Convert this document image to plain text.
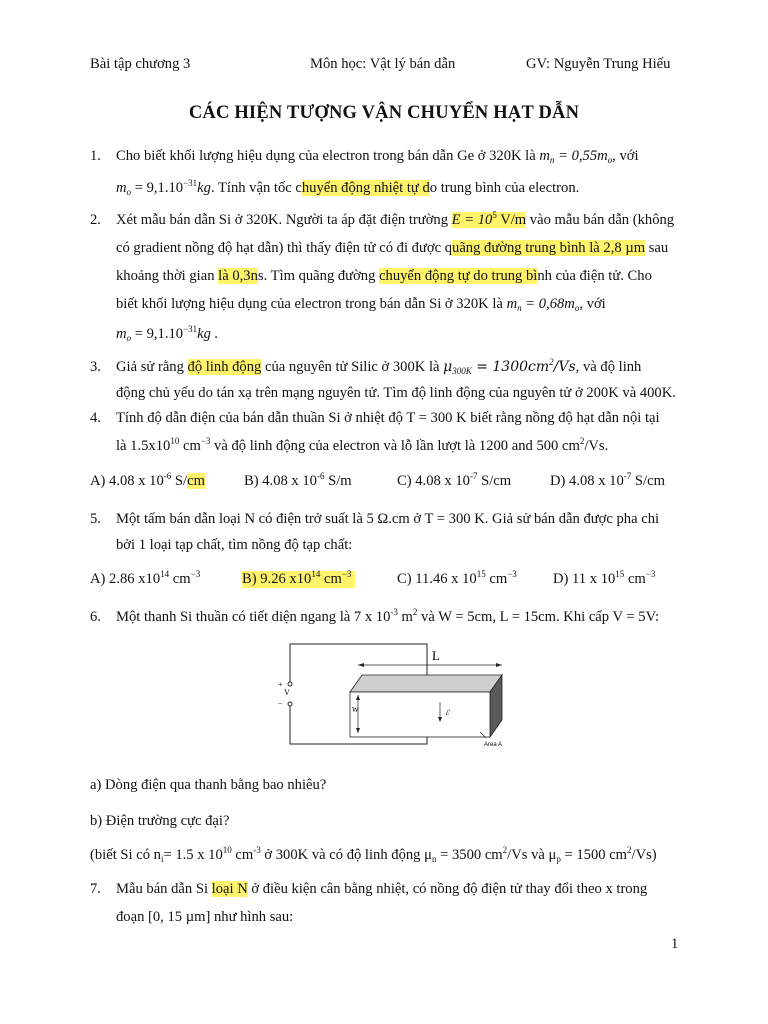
Bài tập chương 3	Môn học: Vật lý bán dẫn	GV: Nguyễn Trung Hiếu
CÁC HIỆN TƯỢNG VẬN CHUYỂN HẠT DẪN
1. Cho biết khối lượng hiệu dụng của electron trong bán dẫn Ge ở 320K là $m_n = 0,55m_o$, với
$m_o = 9,1.10^{-31}kg$. Tính vận tốc chuyển động nhiệt tự do trung bình của electron.
2. Xét mẫu bán dẫn Si ở 320K. Người ta áp đặt điện trường $E = 10^5$ V/m vào mẫu bán dẫn (không
có gradient nồng độ hạt dẫn) thì thấy điện tử có đi được quãng đường trung bình là 2,8 µm sau
khoảng thời gian là 0,3ns. Tìm quãng đường chuyển động tự do trung bình của điện tử. Cho
biết khối lượng hiệu dụng của electron trong bán dẫn Si ở 320K là $m_n = 0,68m_o$, với
$m_o = 9,1.10^{-31}kg$ .
3. Giả sử rằng độ linh động của nguyên tử Silic ở 300K là $\mu_{300K} = 1300cm^2/Vs$, và độ linh
động chủ yếu do tán xạ trên mạng nguyên tử. Tìm độ linh động của nguyên tử ở 200K và 400K.
4. Tính độ dẫn điện của bán dẫn thuần Si ở nhiệt độ T = 300 K biết rằng nồng độ hạt dẫn nội tại
là $1.5x10^{10}$ $cm^{-3}$ và độ linh động của electron và lỗ lần lượt là 1200 and 500 $cm^2/Vs$.
A) 4.08 x $10^{-6}$ S/cm	B) 4.08 x $10^{-6}$ S/m	C) 4.08 x $10^{-7}$ S/cm	D) 4.08 x $10^{-7}$ S/cm
5. Một tấm bán dẫn loại N có điện trở suất là 5 Ω.cm ở T = 300 K. Giả sử bán dẫn được pha chi
bởi 1 loại tạp chất, tìm nồng độ tạp chất:
A) 2.86 $x10^{14}$ $cm^{-3}$	B) 9.26 $x10^{14}$ $cm^{-3}$	C) 11.46 x $10^{15}$ $cm^{-3}$ D) 11 x $10^{15}$ $cm^{-3}$
6. Một thanh Si thuần có tiết diện ngang là 7 x $10^{-3}$ $m^2$ và W = 5cm, L = 15cm. Khi cấp V = 5V:
+
V
−
L
W	ℰ
Area A
a) Dòng điện qua thanh bằng bao nhiêu?
b) Điện trường cực đại?
(biết Si có $n_i= 1.5$ x $10^{10}$ $cm^{-3}$ ở 300K và có độ linh động $\mu_n = 3500$ $cm^2/Vs$ và $\mu_p = 1500$ $cm^2/Vs$)
7. Mẫu bán dẫn Si loại N ở điều kiện cân bằng nhiệt, có nồng độ điện tử thay đổi theo x trong
đoạn [0, 15 µm] như hình sau:
1
